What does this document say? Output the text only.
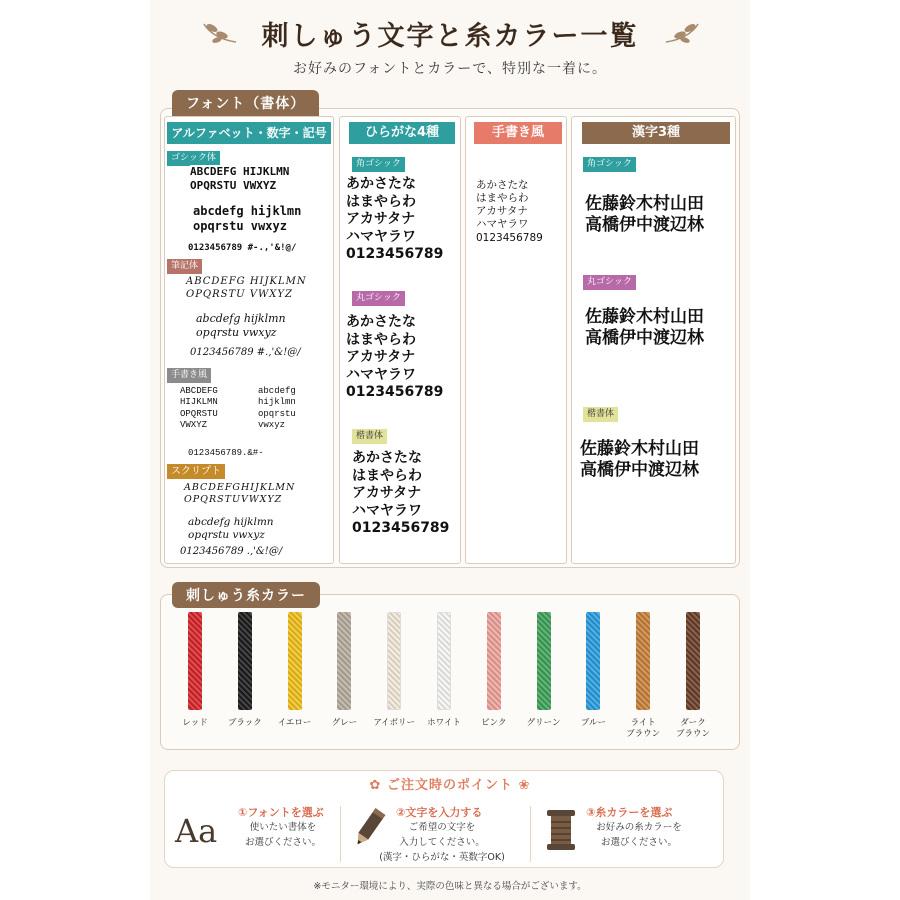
刺しゅう文字と糸カラー一覧
お好みのフォントとカラーで、特別な一着に。
フォント（書体）
アルファベット・数字・記号
ゴシック体
ABCDEFG HIJKLMN
OPQRSTU VWXYZ
abcdefg hijklmn
opqrstu vwxyz
0123456789 #-.,'&!@/
筆記体
ABCDEFG HIJKLMN
OPQRSTU VWXYZ
abcdefg hijklmn
opqrstu vwxyz
0123456789 #.,'&!@/
手書き風
ABCDEFG
HIJKLMN
OPQRSTU
VWXYZ
abcdefg
hijklmn
opqrstu
vwxyz
0123456789.&#-
スクリプト
ABCDEFGHIJKLMN
OPQRSTUVWXYZ
abcdefg hijklmn
opqrstu vwxyz
0123456789 .,'&!@/
ひらがな4種
角ゴシック
あかさたな
はまやらわ
アカサタナ
ハマヤラワ
0123456789
丸ゴシック
あかさたな
はまやらわ
アカサタナ
ハマヤラワ
0123456789
楷書体
あかさたな
はまやらわ
アカサタナ
ハマヤラワ
0123456789
手書き風
あかさたな
はまやらわ
アカサタナ
ハマヤラワ
0123456789
漢字3種
角ゴシック
佐藤鈴木村山田
高橋伊中渡辺林
丸ゴシック
佐藤鈴木村山田
高橋伊中渡辺林
楷書体
佐藤鈴木村山田
高橋伊中渡辺林
刺しゅう糸カラー
レッド	ブラック	イエロー	グレー	アイボリー	ホワイト	ピンク	グリーン	ブルー	ライト
ブラウン
ダーク
ブラウン
✿ ご注文時のポイント ❀
Aa ①フォントを選ぶ
使いたい書体を
お選びください。
②文字を入力する
ご希望の文字を
入力してください。
(漢字・ひらがな・英数字OK)
③糸カラーを選ぶ
お好みの糸カラーを
お選びください。
※モニター環境により、実際の色味と異なる場合がございます。
